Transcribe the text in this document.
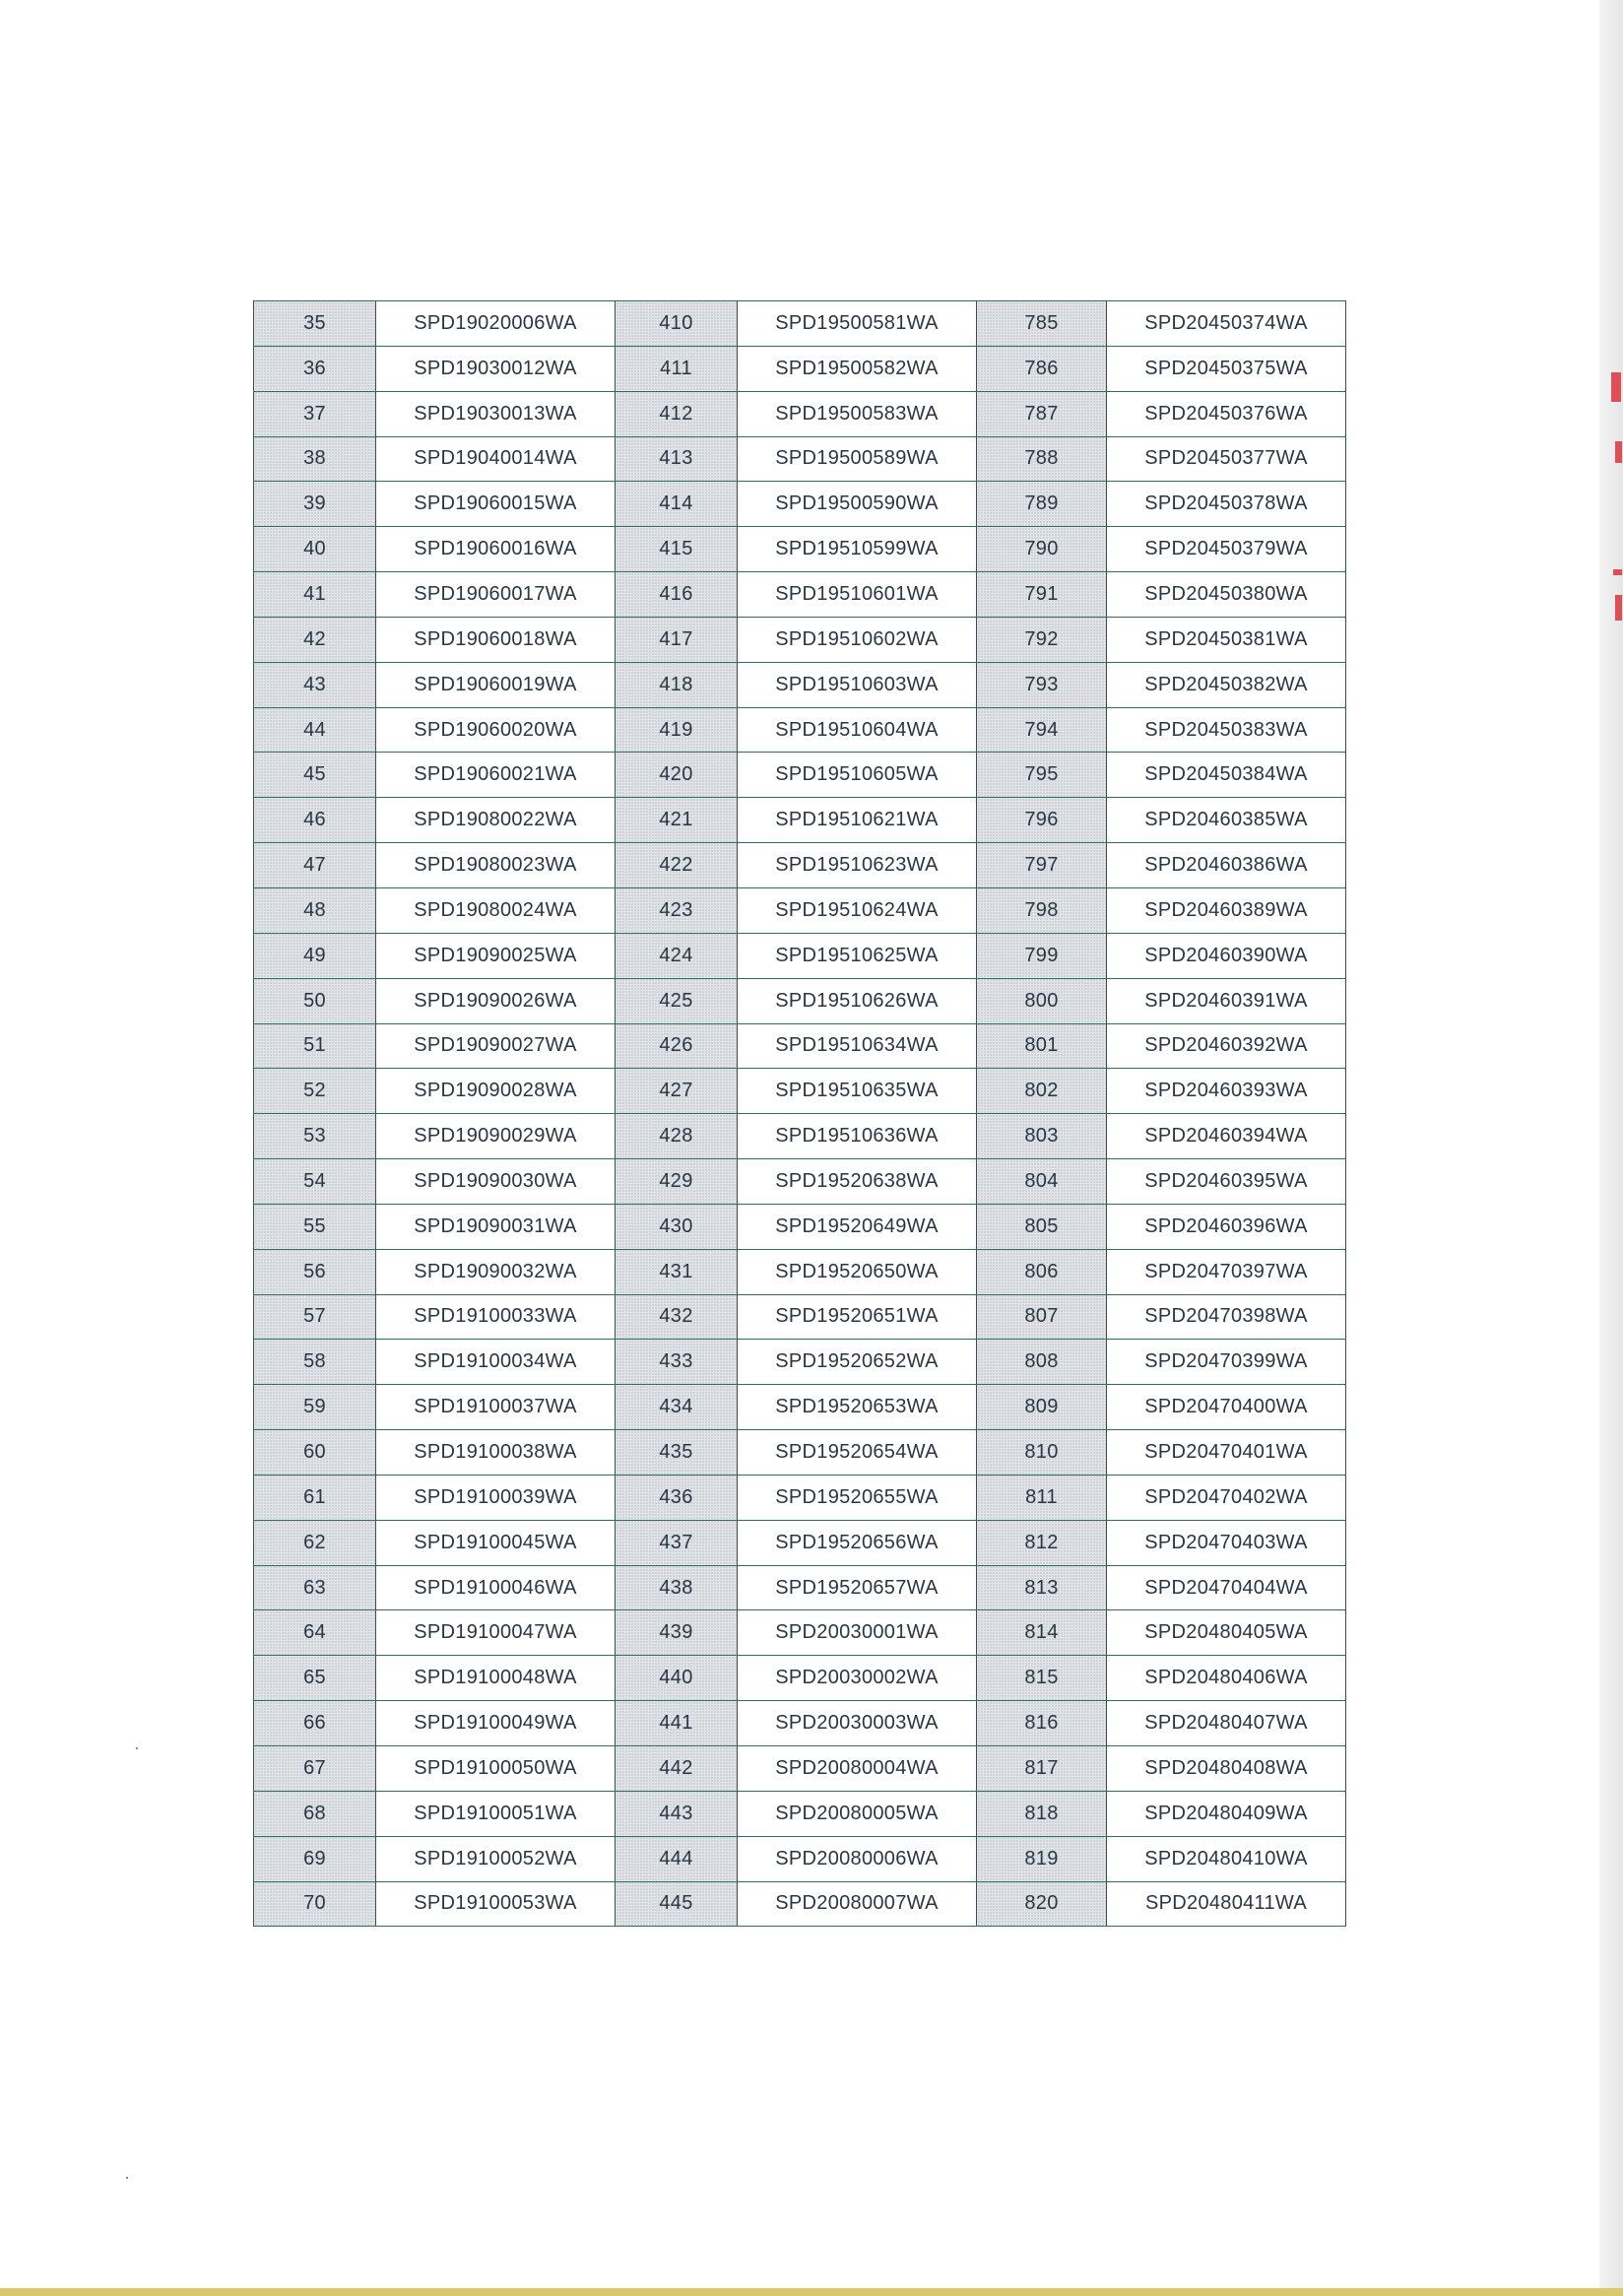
35	SPD19020006WA	410	SPD19500581WA	785	SPD20450374WA
36	SPD19030012WA	411	SPD19500582WA	786	SPD20450375WA
37	SPD19030013WA	412	SPD19500583WA	787	SPD20450376WA
38	SPD19040014WA	413	SPD19500589WA	788	SPD20450377WA
39	SPD19060015WA	414	SPD19500590WA	789	SPD20450378WA
40	SPD19060016WA	415	SPD19510599WA	790	SPD20450379WA
41	SPD19060017WA	416	SPD19510601WA	791	SPD20450380WA
42	SPD19060018WA	417	SPD19510602WA	792	SPD20450381WA
43	SPD19060019WA	418	SPD19510603WA	793	SPD20450382WA
44	SPD19060020WA	419	SPD19510604WA	794	SPD20450383WA
45	SPD19060021WA	420	SPD19510605WA	795	SPD20450384WA
46	SPD19080022WA	421	SPD19510621WA	796	SPD20460385WA
47	SPD19080023WA	422	SPD19510623WA	797	SPD20460386WA
48	SPD19080024WA	423	SPD19510624WA	798	SPD20460389WA
49	SPD19090025WA	424	SPD19510625WA	799	SPD20460390WA
50	SPD19090026WA	425	SPD19510626WA	800	SPD20460391WA
51	SPD19090027WA	426	SPD19510634WA	801	SPD20460392WA
52	SPD19090028WA	427	SPD19510635WA	802	SPD20460393WA
53	SPD19090029WA	428	SPD19510636WA	803	SPD20460394WA
54	SPD19090030WA	429	SPD19520638WA	804	SPD20460395WA
55	SPD19090031WA	430	SPD19520649WA	805	SPD20460396WA
56	SPD19090032WA	431	SPD19520650WA	806	SPD20470397WA
57	SPD19100033WA	432	SPD19520651WA	807	SPD20470398WA
58	SPD19100034WA	433	SPD19520652WA	808	SPD20470399WA
59	SPD19100037WA	434	SPD19520653WA	809	SPD20470400WA
60	SPD19100038WA	435	SPD19520654WA	810	SPD20470401WA
61	SPD19100039WA	436	SPD19520655WA	811	SPD20470402WA
62	SPD19100045WA	437	SPD19520656WA	812	SPD20470403WA
63	SPD19100046WA	438	SPD19520657WA	813	SPD20470404WA
64	SPD19100047WA	439	SPD20030001WA	814	SPD20480405WA
65	SPD19100048WA	440	SPD20030002WA	815	SPD20480406WA
66	SPD19100049WA	441	SPD20030003WA	816	SPD20480407WA
67	SPD19100050WA	442	SPD20080004WA	817	SPD20480408WA
68	SPD19100051WA	443	SPD20080005WA	818	SPD20480409WA
69	SPD19100052WA	444	SPD20080006WA	819	SPD20480410WA
70	SPD19100053WA	445	SPD20080007WA	820	SPD20480411WA
